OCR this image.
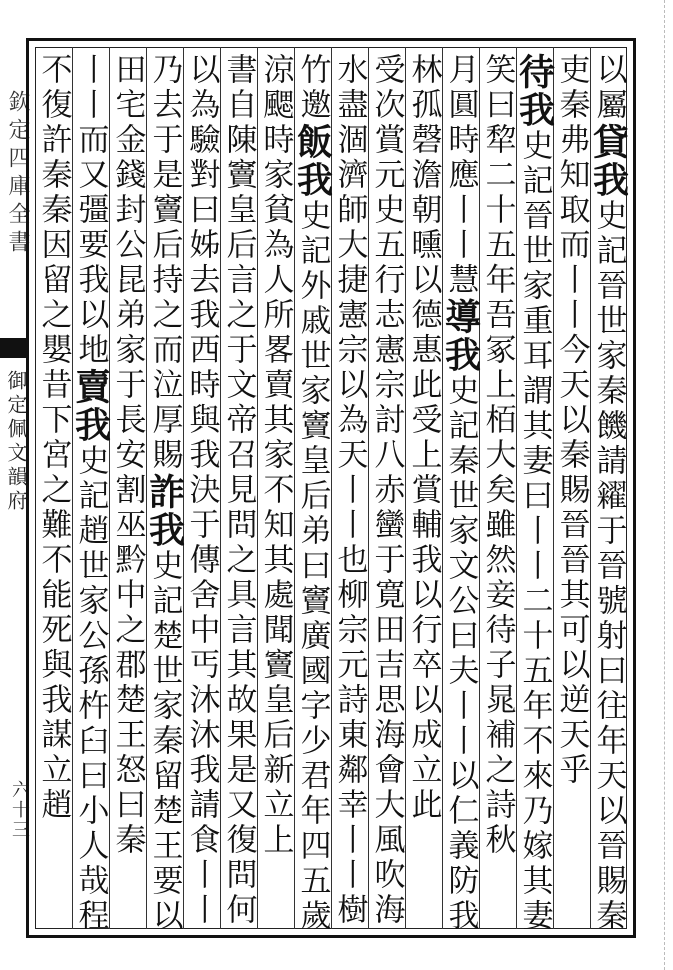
欽定四庫全書
御定佩文韻府
六十三
以屬貸我史記晉世家秦饑請糴于晉號射曰往年天以晉賜秦
吏秦弗知取而丨丨今天以秦賜晉晉其可以逆天乎
待我史記晉世家重耳謂其妻曰丨丨二十五年不來乃嫁其妻
笑曰犂二十五年吾冢上栢大矣雖然妾待子晁補之詩秋
月圓時應丨丨慧導我史記秦世家文公曰夫丨丨以仁義防我
林孤磬澹朝曛以德惠此受上賞輔我以行卒以成立此
受次賞元史五行志憲宗討八赤蠻于寛田吉思海會大風吹海
水盡涸濟師大捷憲宗以為天丨丨也柳宗元詩東鄰幸丨丨樹
竹邀飯我史記外戚世家竇皇后弟曰竇廣國字少君年四五歲
涼颸時家貧為人所畧賣其家不知其處聞竇皇后新立上
書自陳竇皇后言之于文帝召見問之具言其故果是又復問何
以為驗對曰姊去我西時與我決于傳舍中丐沐沐我請食丨丨
乃去于是竇后持之而泣厚賜詐我史記楚世家秦留楚王要以
田宅金錢封公昆弟家于長安割巫黔中之郡楚王怒曰秦
丨丨而又彊要我以地賣我史記趙世家公孫杵臼曰小人哉程
不復許秦秦因留之嬰昔下宮之難不能死與我謀立趙
